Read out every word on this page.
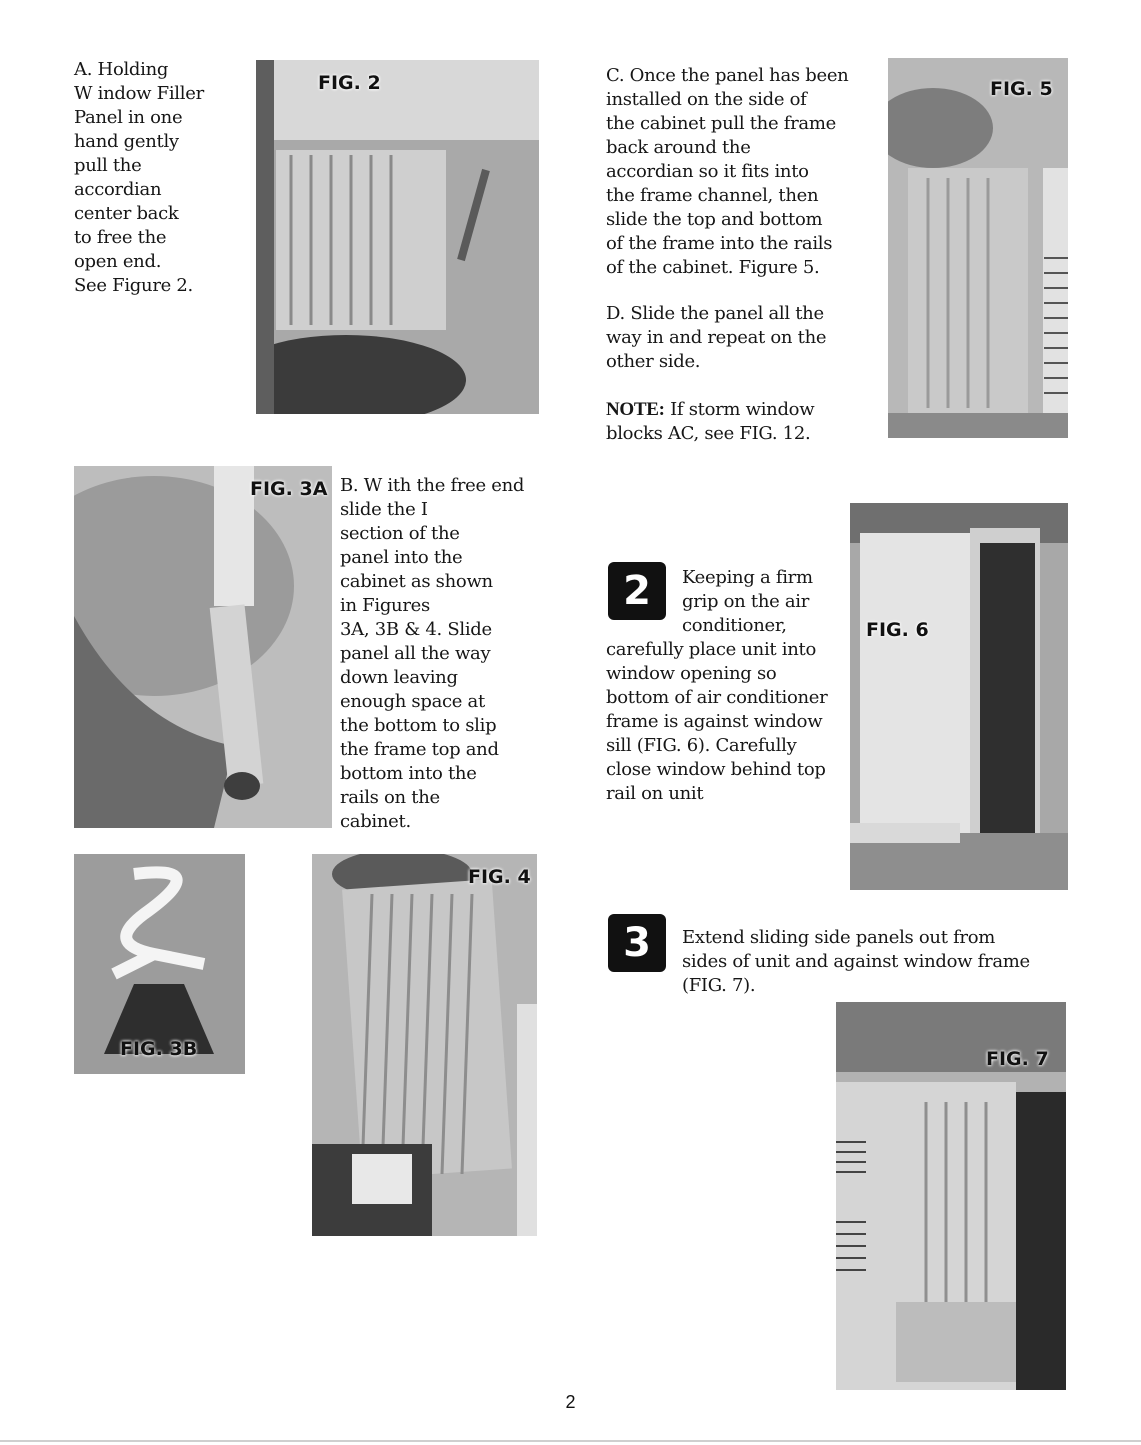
A. Holding
W indow Filler
Panel in one
hand gently
pull the
accordian
center back
to free the
open end.
See Figure 2.
FIG. 2	C. Once the panel has been
installed on the side of
the cabinet pull the frame
back around the
accordian so it fits into
the frame channel, then
slide the top and bottom
of the frame into the rails
of the cabinet. Figure 5.
FIG. 5
D. Slide the panel all the
way in and repeat on the
other side.
NOTE: If storm window
blocks AC, see FIG. 12.
FIG. 3A B. W ith the free end
slide the I
section of the
panel into the
cabinet as shown
in Figures
3A, 3B & 4. Slide
panel all the way
down leaving
enough space at
the bottom to slip
the frame top and
bottom into the
rails on the
cabinet.
2	Keeping a firm
grip on the air
conditioner,
carefully place unit into
window opening so
bottom of air conditioner
frame is against window
sill (FIG. 6). Carefully
close window behind top
rail on unit
FIG. 6
FIG. 3B
FIG. 4
3	Extend sliding side panels out from
sides of unit and against window frame
(FIG. 7).
FIG. 7
2
